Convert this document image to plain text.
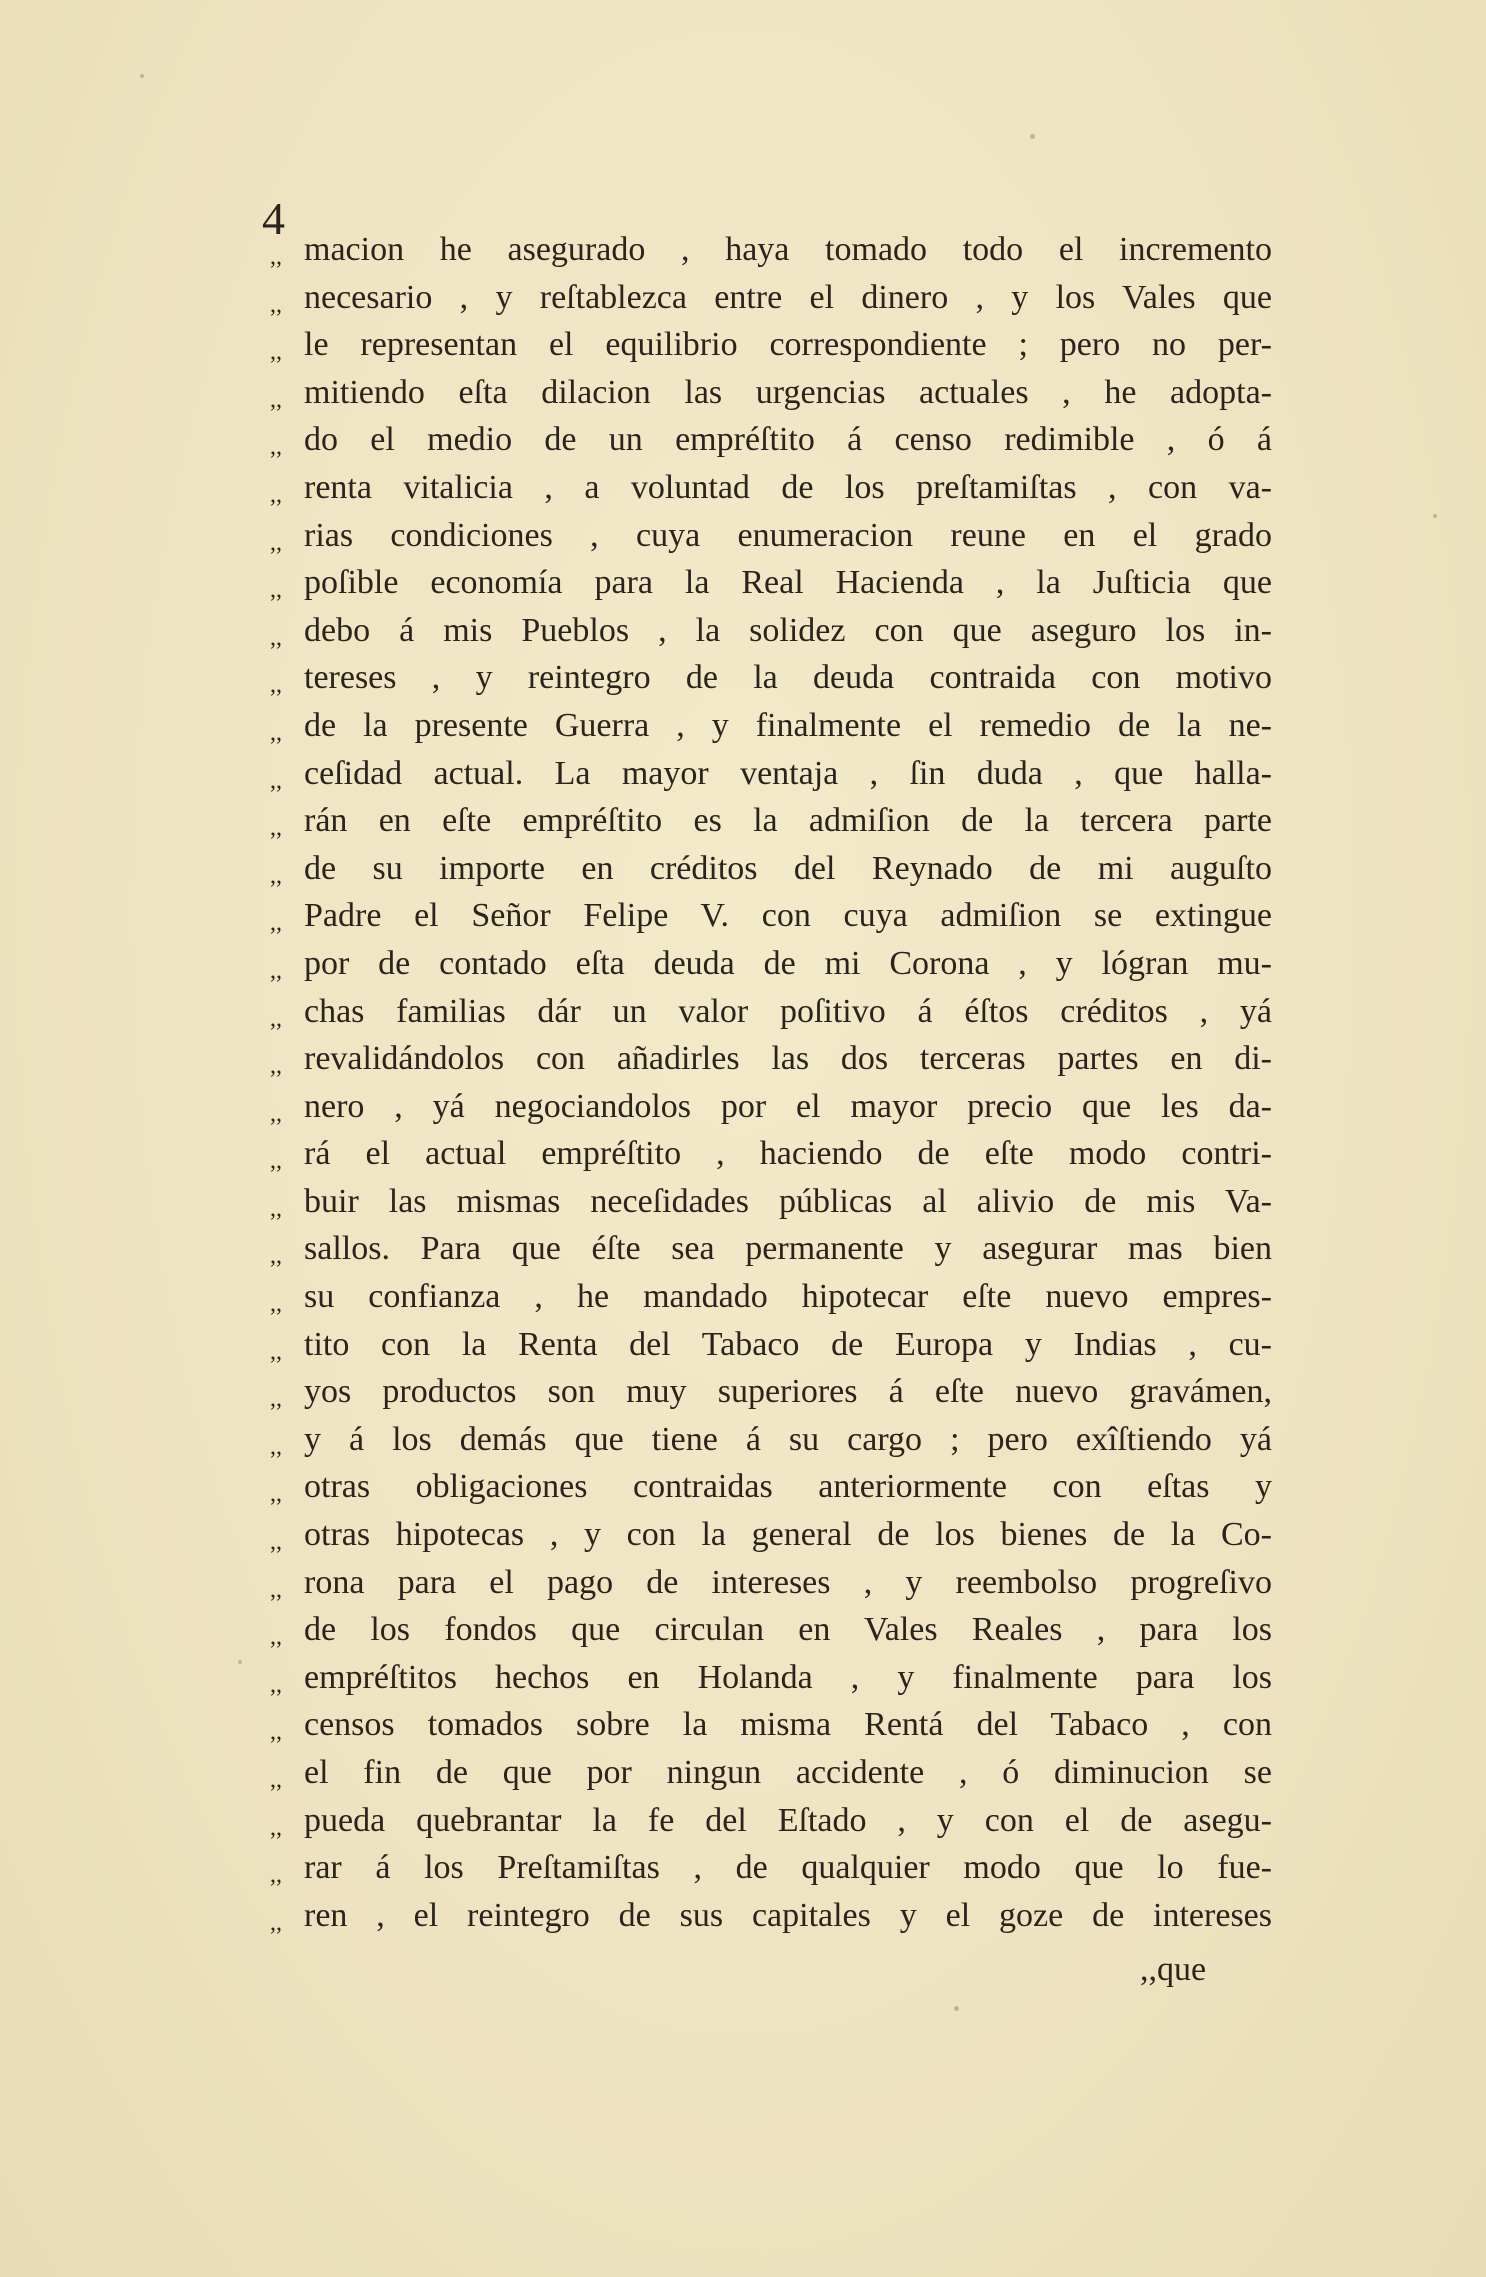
4
,, macion he asegurado , haya tomado todo el incremento
,, necesario , y reſtablezca entre el dinero , y los Vales que
,, le representan el equilibrio correspondiente ; pero no per-
,, mitiendo eſta dilacion las urgencias actuales , he adopta-
,, do el medio de un empréſtito á censo redimible , ó á
,, renta vitalicia , a voluntad de los preſtamiſtas , con va-
,, rias condiciones , cuya enumeracion reune en el grado
,, poſible economía para la Real Hacienda , la Juſticia que
,, debo á mis Pueblos , la solidez con que aseguro los in-
,, tereses , y reintegro de la deuda contraida con motivo
,, de la presente Guerra , y finalmente el remedio de la ne-
,, ceſidad actual. La mayor ventaja , ſin duda , que halla-
,, rán en eſte empréſtito es la admiſion de la tercera parte
,, de su importe en créditos del Reynado de mi auguſto
,, Padre el Señor Felipe V. con cuya admiſion se extingue
,, por de contado eſta deuda de mi Corona , y lógran mu-
,, chas familias dár un valor poſitivo á éſtos créditos , yá
,, revalidándolos con añadirles las dos terceras partes en di-
,, nero , yá negociandolos por el mayor precio que les da-
,, rá el actual empréſtito , haciendo de eſte modo contri-
,, buir las mismas neceſidades públicas al alivio de mis Va-
,, sallos. Para que éſte sea permanente y asegurar mas bien
,, su confianza , he mandado hipotecar eſte nuevo empres-
,, tito con la Renta del Tabaco de Europa y Indias , cu-
,, yos productos son muy superiores á eſte nuevo gravámen,
,, y á los demás que tiene á su cargo ; pero exîſtiendo yá
,, otras obligaciones contraidas anteriormente con eſtas y
,, otras hipotecas , y con la general de los bienes de la Co-
,, rona para el pago de intereses , y reembolso progreſivo
,, de los fondos que circulan en Vales Reales , para los
,, empréſtitos hechos en Holanda , y finalmente para los
,, censos tomados sobre la misma Rentá del Tabaco , con
,, el fin de que por ningun accidente , ó diminucion se
,, pueda quebrantar la fe del Eſtado , y con el de asegu-
,, rar á los Preſtamiſtas , de qualquier modo que lo fue-
,, ren , el reintegro de sus capitales y el goze de intereses
,,que
